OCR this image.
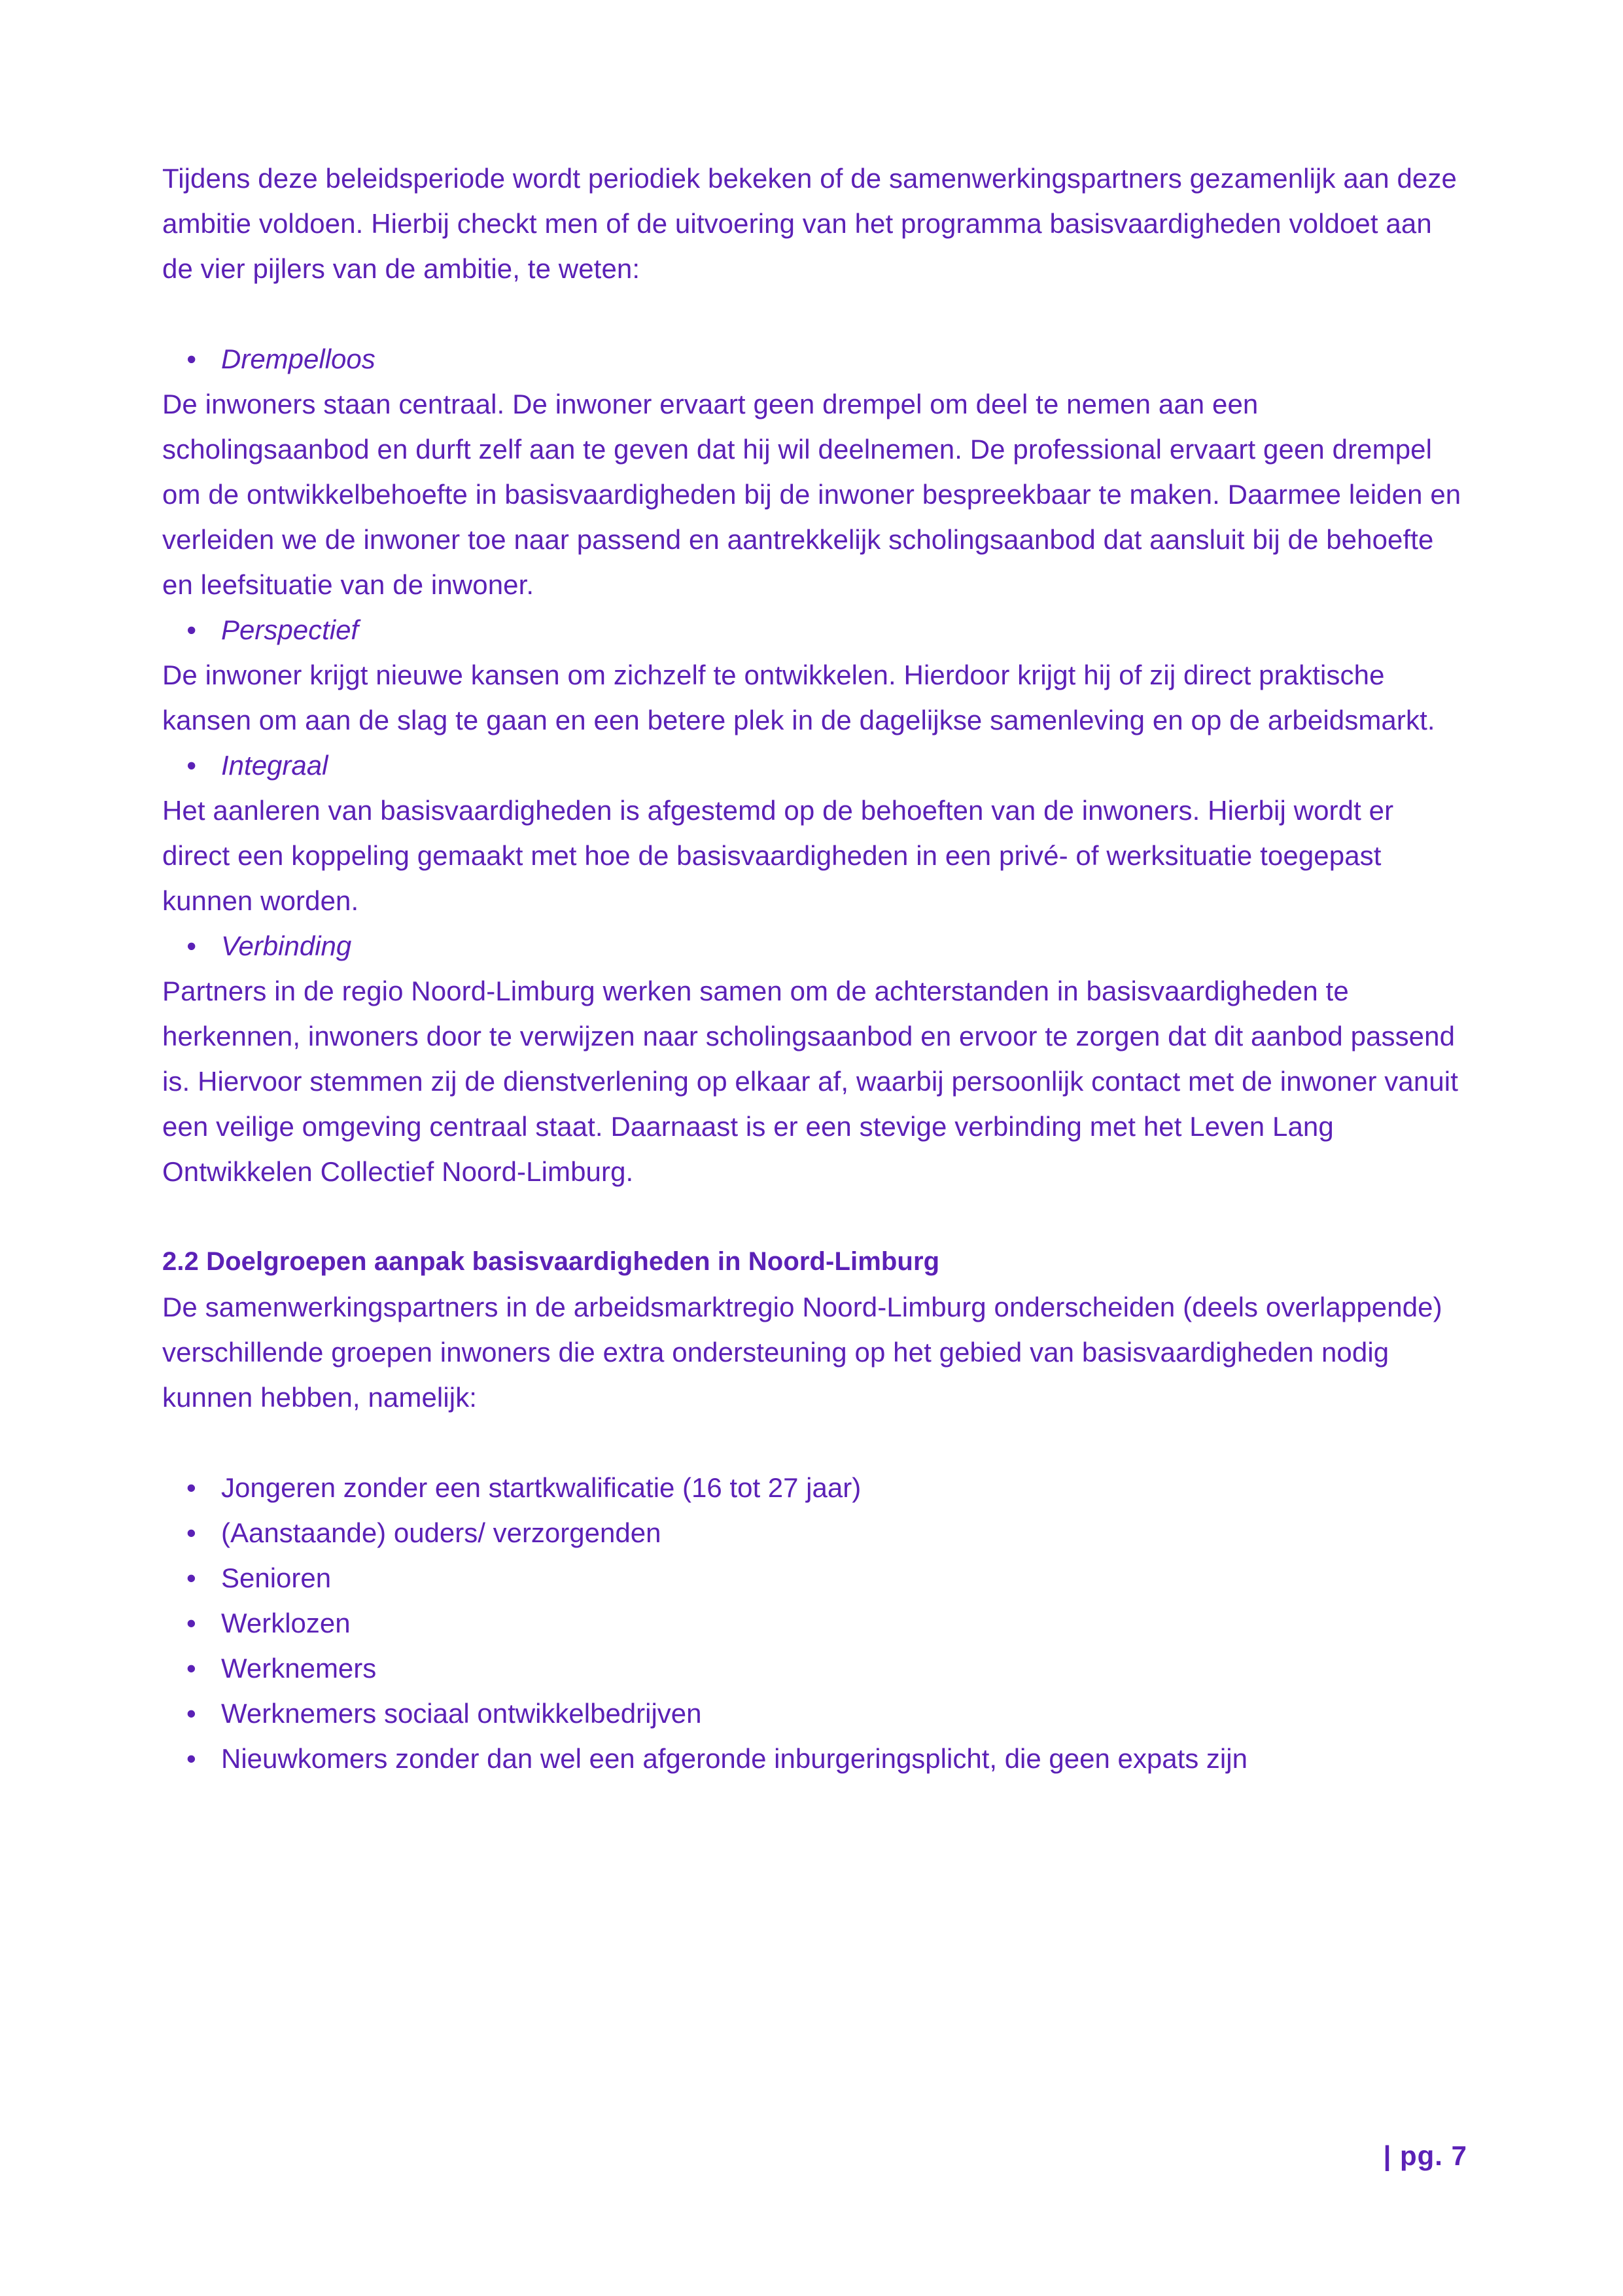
Tijdens deze beleidsperiode wordt periodiek bekeken of de samenwerkingspartners gezamenlijk aan deze ambitie voldoen. Hierbij checkt men of de uitvoering van het programma basisvaardigheden voldoet aan de vier pijlers van de ambitie, te weten:

• Drempelloos

De inwoners staan centraal. De inwoner ervaart geen drempel om deel te nemen aan een scholingsaanbod en durft zelf aan te geven dat hij wil deelnemen. De professional ervaart geen drempel om de ontwikkelbehoefte in basisvaardigheden bij de inwoner bespreekbaar te maken. Daarmee leiden en verleiden we de inwoner toe naar passend en aantrekkelijk scholingsaanbod dat aansluit bij de behoefte en leefsituatie van de inwoner.

• Perspectief

De inwoner krijgt nieuwe kansen om zichzelf te ontwikkelen. Hierdoor krijgt hij of zij direct praktische kansen om aan de slag te gaan en een betere plek in de dagelijkse samenleving en op de arbeidsmarkt.

• Integraal

Het aanleren van basisvaardigheden is afgestemd op de behoeften van de inwoners. Hierbij wordt er direct een koppeling gemaakt met hoe de basisvaardigheden in een privé- of werksituatie toegepast kunnen worden.

• Verbinding

Partners in de regio Noord-Limburg werken samen om de achterstanden in basisvaardigheden te herkennen, inwoners door te verwijzen naar scholingsaanbod en ervoor te zorgen dat dit aanbod passend is. Hiervoor stemmen zij de dienstverlening op elkaar af, waarbij persoonlijk contact met de inwoner vanuit een veilige omgeving centraal staat. Daarnaast is er een stevige verbinding met het Leven Lang Ontwikkelen Collectief Noord-Limburg.

2.2 Doelgroepen aanpak basisvaardigheden in Noord-Limburg

De samenwerkingspartners in de arbeidsmarktregio Noord-Limburg onderscheiden (deels overlappende) verschillende groepen inwoners die extra ondersteuning op het gebied van basisvaardigheden nodig kunnen hebben, namelijk:

• Jongeren zonder een startkwalificatie (16 tot 27 jaar)
• (Aanstaande) ouders/ verzorgenden
• Senioren
• Werklozen
• Werknemers
• Werknemers sociaal ontwikkelbedrijven
• Nieuwkomers zonder dan wel een afgeronde inburgeringsplicht, die geen expats zijn
| pg. 7
